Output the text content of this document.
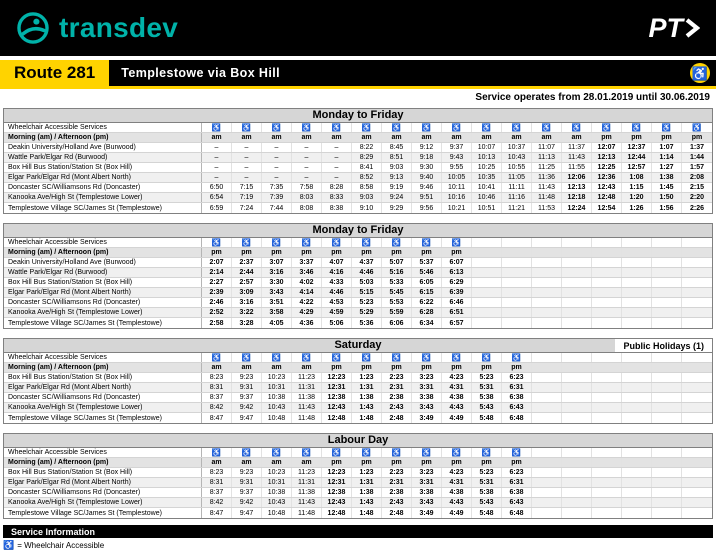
transdev	PT
Route 281	Templestowe via Box Hill	♿
Service operates from 28.01.2019 until 30.06.2019
Monday to Friday
Wheelchair Accessible Services	♿	♿	♿	♿	♿	♿	♿	♿	♿	♿	♿	♿	♿	♿	♿	♿	♿
Morning (am) / Afternoon (pm)	am	am	am	am	am	am	am	am	am	am	am	am	am	pm	pm	pm	pm
Deakin University/Holland Ave (Burwood)	–	–	–	–	–	8:22	8:45	9:12	9:37	10:07	10:37	11:07	11:37	12:07	12:37	1:07	1:37
Wattle Park/Elgar Rd (Burwood)	–	–	–	–	–	8:29	8:51	9:18	9:43	10:13	10:43	11:13	11:43	12:13	12:44	1:14	1:44
Box Hill Bus Station/Station St (Box Hill)	–	–	–	–	–	8:41	9:03	9:30	9:55	10:25	10:55	11:25	11:55	12:25	12:57	1:27	1:57
Elgar Park/Elgar Rd (Mont Albert North)	–	–	–	–	–	8:52	9:13	9:40	10:05	10:35	11:05	11:36	12:06	12:36	1:08	1:38	2:08
Doncaster SC/Williamsons Rd (Doncaster)	6:50	7:15	7:35	7:58	8:28	8:58	9:19	9:46	10:11	10:41	11:11	11:43	12:13	12:43	1:15	1:45	2:15
Kanooka Ave/High St (Templestowe Lower)	6:54	7:19	7:39	8:03	8:33	9:03	9:24	9:51	10:16	10:46	11:16	11:48	12:18	12:48	1:20	1:50	2:20
Templestowe Village SC/James St (Templestowe)	6:59	7:24	7:44	8:08	8:38	9:10	9:29	9:56	10:21	10:51	11:21	11:53	12:24	12:54	1:26	1:56	2:26
Monday to Friday
Wheelchair Accessible Services	♿	♿	♿	♿	♿	♿	♿	♿	♿
Morning (am) / Afternoon (pm)	pm	pm	pm	pm	pm	pm	pm	pm	pm
Deakin University/Holland Ave (Burwood)	2:07	2:37	3:07	3:37	4:07	4:37	5:07	5:37	6:07
Wattle Park/Elgar Rd (Burwood)	2:14	2:44	3:16	3:46	4:16	4:46	5:16	5:46	6:13
Box Hill Bus Station/Station St (Box Hill)	2:27	2:57	3:30	4:02	4:33	5:03	5:33	6:05	6:29
Elgar Park/Elgar Rd (Mont Albert North)	2:39	3:09	3:43	4:14	4:46	5:15	5:45	6:15	6:39
Doncaster SC/Williamsons Rd (Doncaster)	2:46	3:16	3:51	4:22	4:53	5:23	5:53	6:22	6:46
Kanooka Ave/High St (Templestowe Lower)	2:52	3:22	3:58	4:29	4:59	5:29	5:59	6:28	6:51
Templestowe Village SC/James St (Templestowe)	2:58	3:28	4:05	4:36	5:06	5:36	6:06	6:34	6:57
Saturday	Public Holidays (1)
Wheelchair Accessible Services	♿	♿	♿	♿	♿	♿	♿	♿	♿	♿	♿
Morning (am) / Afternoon (pm)	am	am	am	am	pm	pm	pm	pm	pm	pm	pm
Box Hill Bus Station/Station St (Box Hill)	8:23	9:23	10:23	11:23	12:23	1:23	2:23	3:23	4:23	5:23	6:23
Elgar Park/Elgar Rd (Mont Albert North)	8:31	9:31	10:31	11:31	12:31	1:31	2:31	3:31	4:31	5:31	6:31
Doncaster SC/Williamsons Rd (Doncaster)	8:37	9:37	10:38	11:38	12:38	1:38	2:38	3:38	4:38	5:38	6:38
Kanooka Ave/High St (Templestowe Lower)	8:42	9:42	10:43	11:43	12:43	1:43	2:43	3:43	4:43	5:43	6:43
Templestowe Village SC/James St (Templestowe)	8:47	9:47	10:48	11:48	12:48	1:48	2:48	3:49	4:49	5:48	6:48
Labour Day
Wheelchair Accessible Services	♿	♿	♿	♿	♿	♿	♿	♿	♿	♿	♿
Morning (am) / Afternoon (pm)	am	am	am	am	pm	pm	pm	pm	pm	pm	pm
Box Hill Bus Station/Station St (Box Hill)	8:23	9:23	10:23	11:23	12:23	1:23	2:23	3:23	4:23	5:23	6:23
Elgar Park/Elgar Rd (Mont Albert North)	8:31	9:31	10:31	11:31	12:31	1:31	2:31	3:31	4:31	5:31	6:31
Doncaster SC/Williamsons Rd (Doncaster)	8:37	9:37	10:38	11:38	12:38	1:38	2:38	3:38	4:38	5:38	6:38
Kanooka Ave/High St (Templestowe Lower)	8:42	9:42	10:43	11:43	12:43	1:43	2:43	3:43	4:43	5:43	6:43
Templestowe Village SC/James St (Templestowe)	8:47	9:47	10:48	11:48	12:48	1:48	2:48	3:49	4:49	5:48	6:48
Service Information
♿ = Wheelchair Accessible
